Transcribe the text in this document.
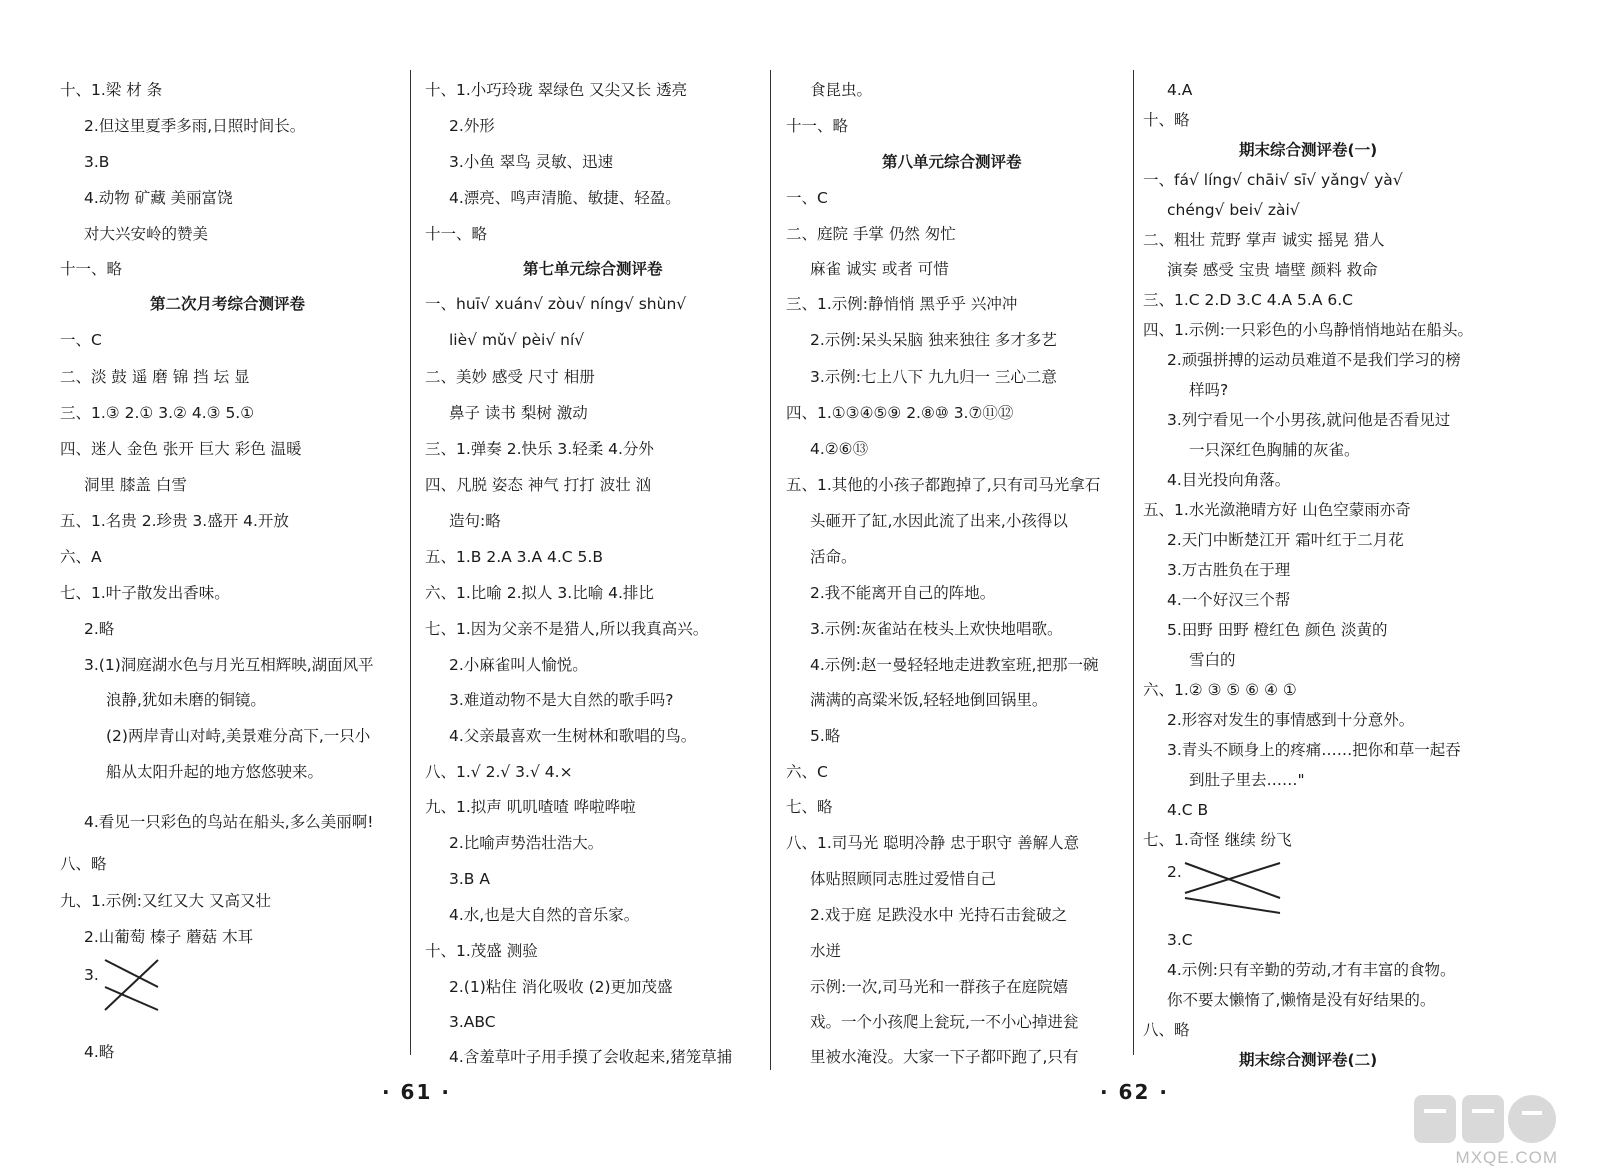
十、1.梁 材 条
2.但这里夏季多雨,日照时间长。
3.B
4.动物 矿藏 美丽富饶
对大兴安岭的赞美
十一、略
第二次月考综合测评卷
一、C
二、淡 鼓 遥 磨 锦 挡 坛 显
三、1.③ 2.① 3.② 4.③ 5.①
四、迷人 金色 张开 巨大 彩色 温暖
洞里 膝盖 白雪
五、1.名贵 2.珍贵 3.盛开 4.开放
六、A
七、1.叶子散发出香味。
2.略
3.(1)洞庭湖水色与月光互相辉映,湖面风平
浪静,犹如未磨的铜镜。
(2)两岸青山对峙,美景难分高下,一只小
船从太阳升起的地方悠悠驶来。
4.看见一只彩色的鸟站在船头,多么美丽啊!
八、略
九、1.示例:又红又大 又高又壮
2.山葡萄 榛子 蘑菇 木耳
3.
4.略
十、1.小巧玲珑 翠绿色 又尖又长 透亮
2.外形
3.小鱼 翠鸟 灵敏、迅速
4.漂亮、鸣声清脆、敏捷、轻盈。
十一、略
第七单元综合测评卷
一、huī√ xuán√ zòu√ níng√ shùn√
liè√ mǔ√ pèi√ ní√
二、美妙 感受 尺寸 相册
鼻子 读书 梨树 激动
三、1.弹奏 2.快乐 3.轻柔 4.分外
四、凡脱 姿态 神气 打打 波壮 汹
造句:略
五、1.B 2.A 3.A 4.C 5.B
六、1.比喻 2.拟人 3.比喻 4.排比
七、1.因为父亲不是猎人,所以我真高兴。
2.小麻雀叫人愉悦。
3.难道动物不是大自然的歌手吗?
4.父亲最喜欢一生树林和歌唱的鸟。
八、1.√ 2.√ 3.√ 4.×
九、1.拟声 叽叽喳喳 哗啦哗啦
2.比喻声势浩壮浩大。
3.B A
4.水,也是大自然的音乐家。
十、1.茂盛 测验
2.(1)粘住 消化吸收 (2)更加茂盛
3.ABC
4.含羞草叶子用手摸了会收起来,猪笼草捕
食昆虫。
十一、略
第八单元综合测评卷
一、C
二、庭院 手掌 仍然 匆忙
麻雀 诚实 或者 可惜
三、1.示例:静悄悄 黑乎乎 兴冲冲
2.示例:呆头呆脑 独来独往 多才多艺
3.示例:七上八下 九九归一 三心二意
四、1.①③④⑤⑨ 2.⑧⑩ 3.⑦⑪⑫
4.②⑥⑬
五、1.其他的小孩子都跑掉了,只有司马光拿石
头砸开了缸,水因此流了出来,小孩得以
活命。
2.我不能离开自己的阵地。
3.示例:灰雀站在枝头上欢快地唱歌。
4.示例:赵一曼轻轻地走进教室班,把那一碗
满满的高粱米饭,轻轻地倒回锅里。
5.略
六、C
七、略
八、1.司马光 聪明冷静 忠于职守 善解人意
体贴照顾同志胜过爱惜自己
2.戏于庭 足跌没水中 光持石击瓮破之
水迸
示例:一次,司马光和一群孩子在庭院嬉
戏。一个小孩爬上瓮玩,一不小心掉进瓮
里被水淹没。大家一下子都吓跑了,只有
4.A
十、略
期末综合测评卷(一)
一、fá√ líng√ chāi√ sī√ yǎng√ yà√
chéng√ bei√ zài√
二、粗壮 荒野 掌声 诚实 摇晃 猎人
演奏 感受 宝贵 墙壁 颜料 救命
三、1.C 2.D 3.C 4.A 5.A 6.C
四、1.示例:一只彩色的小鸟静悄悄地站在船头。
2.顽强拼搏的运动员难道不是我们学习的榜
样吗?
3.列宁看见一个小男孩,就问他是否看见过
一只深红色胸脯的灰雀。
4.目光投向角落。
五、1.水光潋滟晴方好 山色空蒙雨亦奇
2.天门中断楚江开 霜叶红于二月花
3.万古胜负在于理
4.一个好汉三个帮
5.田野 田野 橙红色 颜色 淡黄的
雪白的
六、1.② ③ ⑤ ⑥ ④ ①
2.形容对发生的事情感到十分意外。
3.青头不顾身上的疼痛……把你和草一起吞
到肚子里去……"
4.C B
七、1.奇怪 继续 纷飞
2.
3.C
4.示例:只有辛勤的劳动,才有丰富的食物。
你不要太懒惰了,懒惰是没有好结果的。
八、略
期末综合测评卷(二)
· 61 ·	· 62 ·
MXQE.COM
